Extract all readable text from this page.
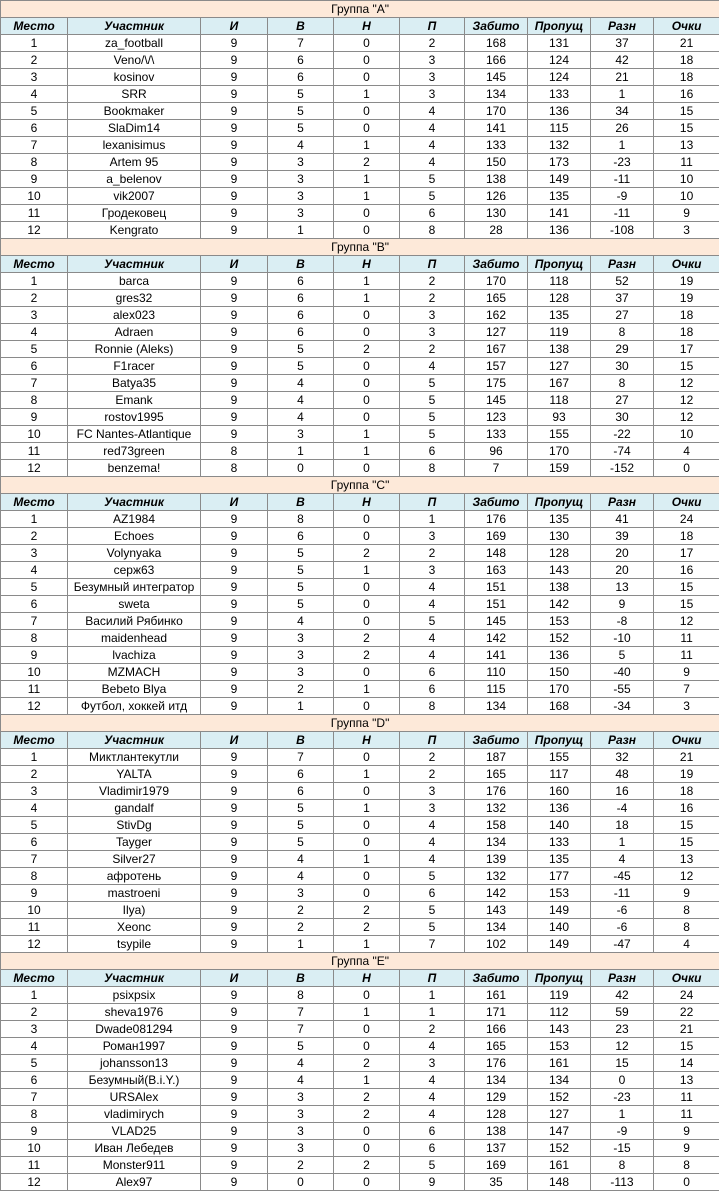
Группа "A"									
Место	Участник	И	В	Н	П	Забито	Пропущ	Разн	Очки
1	za_football	9	7	0	2	168	131	37	21
2	Veno/\/\	9	6	0	3	166	124	42	18
3	kosinov	9	6	0	3	145	124	21	18
4	SRR	9	5	1	3	134	133	1	16
5	Bookmaker	9	5	0	4	170	136	34	15
6	SlaDim14	9	5	0	4	141	115	26	15
7	lexanisimus	9	4	1	4	133	132	1	13
8	Artem 95	9	3	2	4	150	173	-23	11
9	a_belenov	9	3	1	5	138	149	-11	10
10	vik2007	9	3	1	5	126	135	-9	10
11	Гродековец	9	3	0	6	130	141	-11	9
12	Kengrato	9	1	0	8	28	136	-108	3
Группа "B"									
Место	Участник	И	В	Н	П	Забито	Пропущ	Разн	Очки
1	barca	9	6	1	2	170	118	52	19
2	gres32	9	6	1	2	165	128	37	19
3	alex023	9	6	0	3	162	135	27	18
4	Adraen	9	6	0	3	127	119	8	18
5	Ronnie (Aleks)	9	5	2	2	167	138	29	17
6	F1racer	9	5	0	4	157	127	30	15
7	Batya35	9	4	0	5	175	167	8	12
8	Emank	9	4	0	5	145	118	27	12
9	rostov1995	9	4	0	5	123	93	30	12
10	FC Nantes-Atlantique	9	3	1	5	133	155	-22	10
11	red73green	8	1	1	6	96	170	-74	4
12	benzema!	8	0	0	8	7	159	-152	0
Группа "C"									
Место	Участник	И	В	Н	П	Забито	Пропущ	Разн	Очки
1	AZ1984	9	8	0	1	176	135	41	24
2	Echoes	9	6	0	3	169	130	39	18
3	Volynyaka	9	5	2	2	148	128	20	17
4	серж63	9	5	1	3	163	143	20	16
5	Безумный интегратор	9	5	0	4	151	138	13	15
6	sweta	9	5	0	4	151	142	9	15
7	Василий Рябинко	9	4	0	5	145	153	-8	12
8	maidenhead	9	3	2	4	142	152	-10	11
9	lvachiza	9	3	2	4	141	136	5	11
10	MZMACH	9	3	0	6	110	150	-40	9
11	Bebeto Blya	9	2	1	6	115	170	-55	7
12	Футбол, хоккей итд	9	1	0	8	134	168	-34	3
Группа "D"									
Место	Участник	И	В	Н	П	Забито	Пропущ	Разн	Очки
1	Миктлантекутли	9	7	0	2	187	155	32	21
2	YALTA	9	6	1	2	165	117	48	19
3	Vladimir1979	9	6	0	3	176	160	16	18
4	gandalf	9	5	1	3	132	136	-4	16
5	StivDg	9	5	0	4	158	140	18	15
6	Tayger	9	5	0	4	134	133	1	15
7	Silver27	9	4	1	4	139	135	4	13
8	афротень	9	4	0	5	132	177	-45	12
9	mastroeni	9	3	0	6	142	153	-11	9
10	Ilya)	9	2	2	5	143	149	-6	8
11	Xeonc	9	2	2	5	134	140	-6	8
12	tsypile	9	1	1	7	102	149	-47	4
Группа "E"									
Место	Участник	И	В	Н	П	Забито	Пропущ	Разн	Очки
1	psixpsix	9	8	0	1	161	119	42	24
2	sheva1976	9	7	1	1	171	112	59	22
3	Dwade081294	9	7	0	2	166	143	23	21
4	Роман1997	9	5	0	4	165	153	12	15
5	johansson13	9	4	2	3	176	161	15	14
6	Безумный(B.i.Y.)	9	4	1	4	134	134	0	13
7	URSAlex	9	3	2	4	129	152	-23	11
8	vladimirych	9	3	2	4	128	127	1	11
9	VLAD25	9	3	0	6	138	147	-9	9
10	Иван Лебедев	9	3	0	6	137	152	-15	9
11	Monster911	9	2	2	5	169	161	8	8
12	Alex97	9	0	0	9	35	148	-113	0
